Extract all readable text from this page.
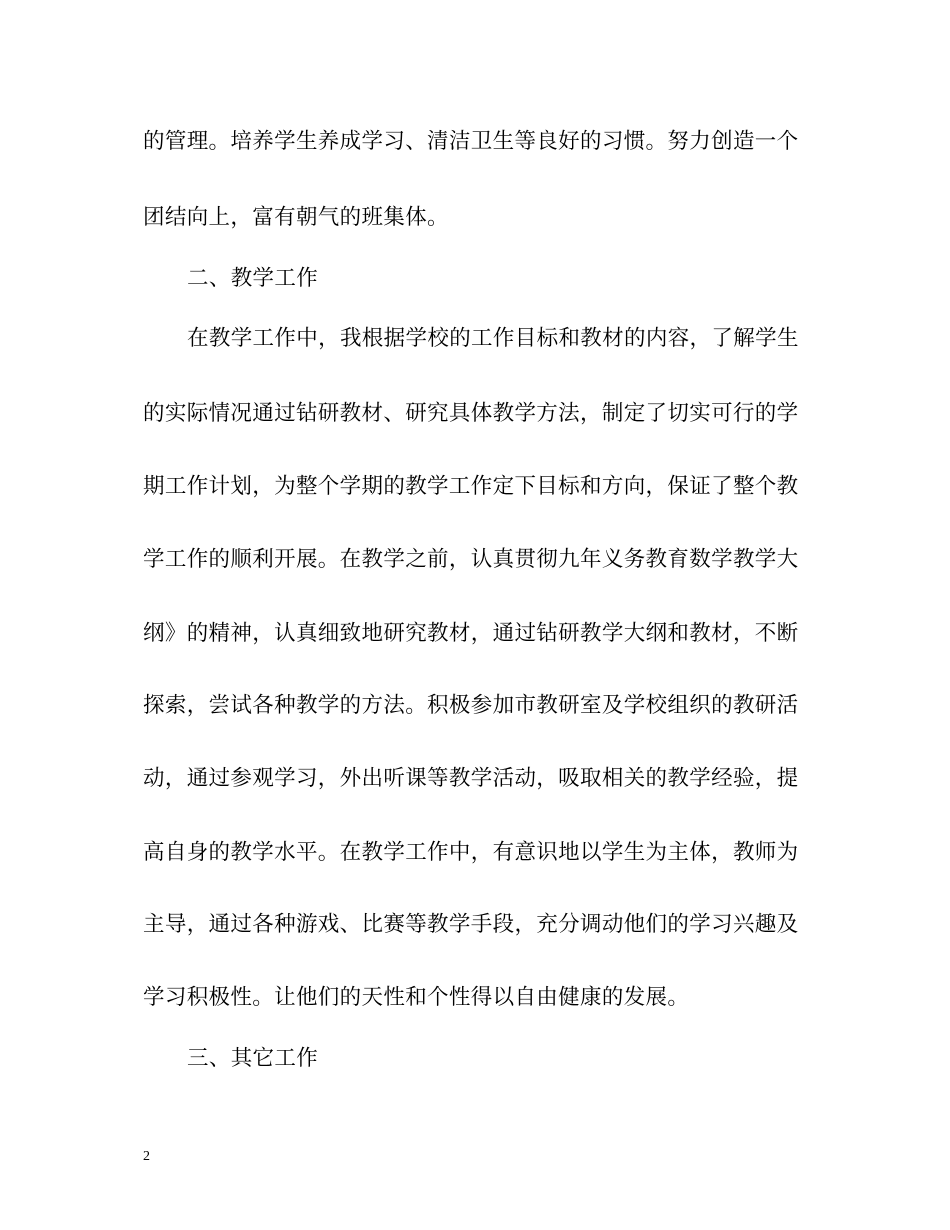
的管理。培养学生养成学习、清洁卫生等良好的习惯。努力创造一个
团结向上，富有朝气的班集体。
二、教学工作
在教学工作中，我根据学校的工作目标和教材的内容，了解学生
的实际情况通过钻研教材、研究具体教学方法，制定了切实可行的学
期工作计划，为整个学期的教学工作定下目标和方向，保证了整个教
学工作的顺利开展。在教学之前，认真贯彻九年义务教育数学教学大
纲》的精神，认真细致地研究教材，通过钻研教学大纲和教材，不断
探索，尝试各种教学的方法。积极参加市教研室及学校组织的教研活
动，通过参观学习，外出听课等教学活动，吸取相关的教学经验，提
高自身的教学水平。在教学工作中，有意识地以学生为主体，教师为
主导，通过各种游戏、比赛等教学手段，充分调动他们的学习兴趣及
学习积极性。让他们的天性和个性得以自由健康的发展。
三、其它工作
2
